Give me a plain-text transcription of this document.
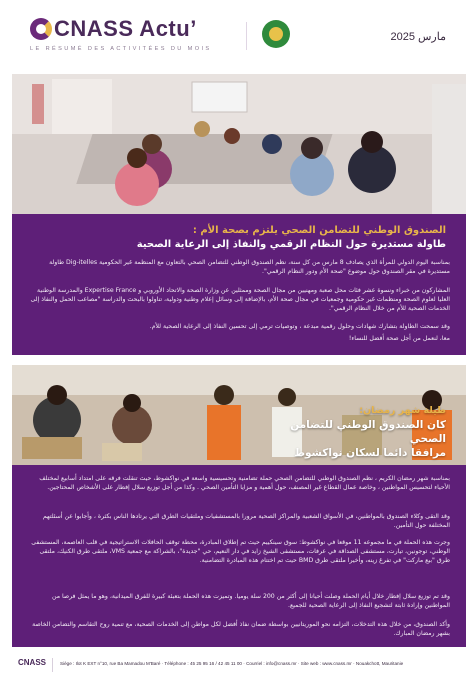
CNASS Actu’
LE RÉSUMÉ DES ACTIVITÉES DU MOIS
مارس 2025
الصندوق الوطني للتضامن الصحي يلتزم بصحة الأم :
طاولة مستديرة حول النظام الرقمي والنفاذ إلى الرعاية الصحية

بمناسبة اليوم الدولي للمرأة الذي يصادف 8 مارس من كل سنة، نظم الصندوق الوطني للتضامن الصحي بالتعاون مع المنظمة غير الحكومية Dig-itelles طاولة مستديرة في مقر الصندوق حول موضوع "صحة الأم ودور النظام الرقمي".

المشاركون من خبراء ونسوة عشر فئات محل صعبة ومهنيين من مجال الصحة وممثلين عن وزارة الصحة والاتحاد الأوروبي و Expertise France والمدرسة الوطنية العليا لعلوم الصحة ومنظمات غير حكومية وجمعيات في مجال صحة الأم، بالإضافة إلى وسائل إعلام وطنية ودولية، تناولوا بالبحث والدراسة "مصاعب الحمل والنفاذ إلى الخدمات الصحية للأم من خلال النظام الرقمي".

وقد سمحت الطاولة بتشارك شهادات وحلول رقمية مبدعة ، وتوصيات ترمي إلى تحسين النفاذ إلى الرعاية الصحية للأم.

معا، لنعمل من أجل صحة أفضل للنساء!

طيلة شهر رمضان:
كان الصندوق الوطني للتضامن الصحي
مرافقا دائما لسكان نواكشوط

بمناسبة شهر رمضان الكريم ، نظم الصندوق الوطني للتضامن الصحي حملة تضامنية وتحسيسية واسعة في نواكشوط، حيث تنقلت فرقه على امتداد أسابيع لمختلف الأحياء لتحسيس المواطنين ، وخاصة عمال القطاع غير المصنف، حول أهمية و مزايا التأمين الصحي . وكذا من أجل توزيع سلال إفطار على الأشخاص المحتاجين.

وقد التقى وكلاء الصندوق بالمواطنين، في الأسواق الشعبية والمراكز الصحية مرورا بالمستشفيات وملتقيات الطرق التي يرتادها الناس بكثرة ، وأجابوا عن أسئلتهم المختلفة حول التأمين.

وجرت هذه الحملة في ما مجموعه 11 موقعا في نواكشوط: سوق سينكييم حيث تم إطلاق المبادرة، محطة توقف الحافلات الاستراتيجية في قلب العاصمة، المستشفى الوطني، توجونين، تيارت، مستشفى الصداقة في عرفات، مستشفى الشيخ زايد في دار النعيم، حي "جديدة"، بالشراكة مع جمعية VMS، ملتقى طرق الكنيك، ملتقى طرق "بيع ماركت" في تفرغ زينه، وأخيرا ملتقى طرق BMD حيث تم اختتام هذه المبادرة التضامنية.

وقد تم توزيع سلال إفطار خلال أيام الحملة وصلت أحيانا إلى أكثر من 200 سلة يوميا. وتميزت هذه الحملة بتعبئة كبيرة للفرق الميدانية، وهو ما يمثل فرصا من المواطنين وإرادة ثابتة لتشجيع النفاذ إلى الرعاية الصحية للجميع.

وأكد الصندوق، من خلال هذه التدخلات، التزامه نحو الموريتانيين بواسطة ضمان نفاذ أفضل لكل مواطن إلى الخدمات الصحية، مع تنمية روح التقاسم والتضامن الخاصة بشهر رمضان المبارك.

CNASS	Siège : Ilot K EXT n°10, rue Ba Mamadou M'Baré · Téléphone : 45 25 95 16 / 42 45 11 00 · Courriel : info@cnass.mr · Site web : www.cnass.mr · Nouakchott, Mauritanie
